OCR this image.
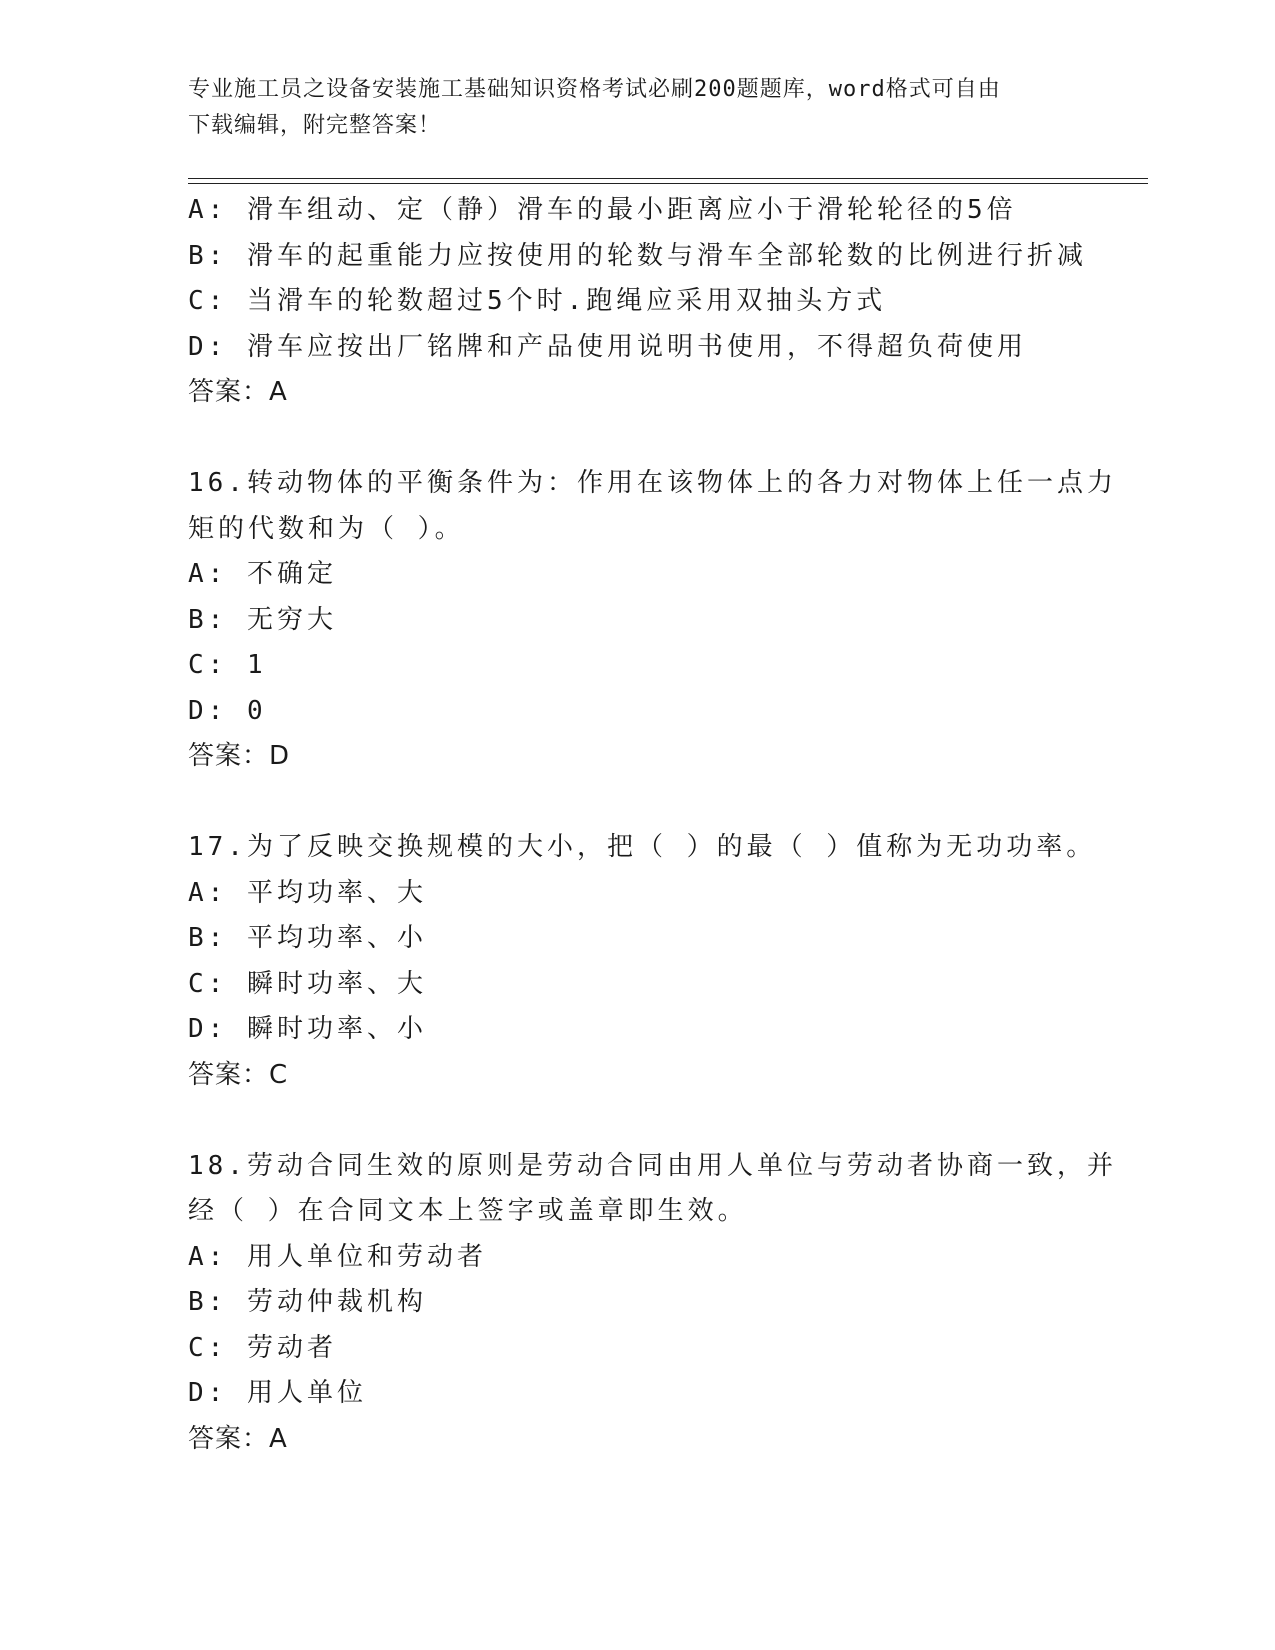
专业施工员之设备安装施工基础知识资格考试必刷200题题库，word格式可自由
下载编辑，附完整答案！
A: 滑车组动、定（静）滑车的最小距离应小于滑轮轮径的5倍
B: 滑车的起重能力应按使用的轮数与滑车全部轮数的比例进行折减
C: 当滑车的轮数超过5个时.跑绳应采用双抽头方式
D: 滑车应按出厂铭牌和产品使用说明书使用，不得超负荷使用
答案：A
16.转动物体的平衡条件为：作用在该物体上的各力对物体上任一点力
矩的代数和为（ ）。
A: 不确定
B: 无穷大
C: 1
D: 0
答案：D
17.为了反映交换规模的大小，把（ ）的最（ ）值称为无功功率。
A: 平均功率、大
B: 平均功率、小
C: 瞬时功率、大
D: 瞬时功率、小
答案：C
18.劳动合同生效的原则是劳动合同由用人单位与劳动者协商一致，并
经（ ）在合同文本上签字或盖章即生效。
A: 用人单位和劳动者
B: 劳动仲裁机构
C: 劳动者
D: 用人单位
答案：A
